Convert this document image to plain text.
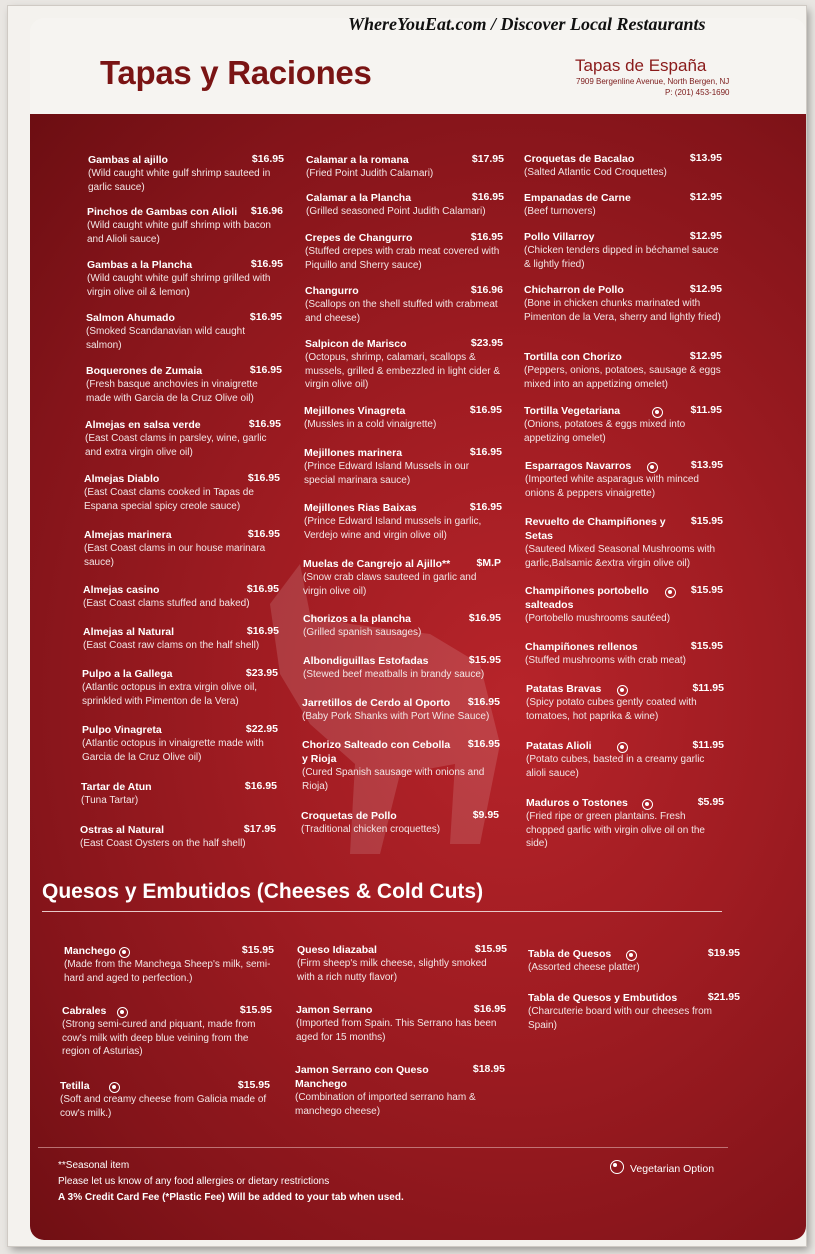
Tapas y Raciones	Tapas de España
7909 Bergenline Avenue, North Bergen, NJ
P: (201) 453-1690
Gambas al ajillo	$16.95
(Wild caught white gulf shrimp sauteed in garlic sauce)
Pinchos de Gambas con Alioli	$16.96
(Wild caught white gulf shrimp with bacon and Alioli sauce)
Gambas a la Plancha	$16.95
(Wild caught white gulf shrimp grilled with virgin olive oil & lemon)
Salmon Ahumado	$16.95
(Smoked Scandanavian wild caught salmon)
Boquerones de Zumaia	$16.95
(Fresh basque anchovies in vinaigrette made with Garcia de la Cruz Olive oil)
Almejas en salsa verde	$16.95
(East Coast clams in parsley, wine, garlic and extra virgin olive oil)
Almejas Diablo	$16.95
(East Coast clams cooked in Tapas de Espana special spicy creole sauce)
Almejas marinera	$16.95
(East Coast clams in our house marinara sauce)
Almejas casino	$16.95
(East Coast clams stuffed and baked)
Almejas al Natural	$16.95
(East Coast raw clams on the half shell)
Pulpo a la Gallega	$23.95
(Atlantic octopus in extra virgin olive oil, sprinkled with Pimenton de la Vera)
Pulpo Vinagreta	$22.95
(Atlantic octopus in vinaigrette made with Garcia de la Cruz Olive oil)
Tartar de Atun	$16.95
(Tuna Tartar)
Ostras al Natural	$17.95
(East Coast Oysters on the half shell)
Calamar a la romana	$17.95
(Fried Point Judith Calamari)
Calamar a la Plancha	$16.95
(Grilled seasoned Point Judith Calamari)
Crepes de Changurro	$16.95
(Stuffed crepes with crab meat covered with Piquillo and Sherry sauce)
Changurro	$16.96
(Scallops on the shell stuffed with crabmeat and cheese)
Salpicon de Marisco	$23.95
(Octopus, shrimp, calamari, scallops & mussels, grilled & embezzled in light cider & virgin olive oil)
Mejillones Vinagreta	$16.95
(Mussles in a cold vinaigrette)
Mejillones marinera	$16.95
(Prince Edward Island Mussels in our special marinara sauce)
Mejillones Rias Baixas	$16.95
(Prince Edward Island mussels in garlic, Verdejo wine and virgin olive oil)
Muelas de Cangrejo al Ajillo**	$M.P
(Snow crab claws sauteed in garlic and virgin olive oil)
Chorizos a la plancha	$16.95
(Grilled spanish sausages)
Albondiguillas Estofadas	$15.95
(Stewed beef meatballs in brandy sauce)
Jarretillos de Cerdo al Oporto	$16.95
(Baby Pork Shanks with Port Wine Sauce)
Chorizo Salteado con Cebolla y Rioja
$16.95
(Cured Spanish sausage with onions and Rioja)
Croquetas de Pollo	$9.95
(Traditional chicken croquettes)
Croquetas de Bacalao	$13.95
(Salted Atlantic Cod Croquettes)
Empanadas de Carne	$12.95
(Beef turnovers)
Pollo Villarroy	$12.95
(Chicken tenders dipped in béchamel sauce & lightly fried)
Chicharron de Pollo	$12.95
(Bone in chicken chunks marinated with Pimenton de la Vera, sherry and lightly fried)
Tortilla con Chorizo	$12.95
(Peppers, onions, potatoes, sausage & eggs mixed into an appetizing omelet)
Tortilla Vegetariana	$11.95
(Onions, potatoes & eggs mixed into appetizing omelet)
Esparragos Navarros	$13.95
(Imported white asparagus with minced onions & peppers vinaigrette)
Revuelto de Champiñones y Setas
$15.95
(Sauteed Mixed Seasonal Mushrooms with garlic,Balsamic &extra virgin olive oil)
Champiñones portobello salteados
$15.95
(Portobello mushrooms sautéed)
Champiñones rellenos	$15.95
(Stuffed mushrooms with crab meat)
Patatas Bravas	$11.95
(Spicy potato cubes gently coated with tomatoes, hot paprika & wine)
Patatas Alioli	$11.95
(Potato cubes, basted in a creamy garlic alioli sauce)
Maduros o Tostones	$5.95
(Fried ripe or green plantains. Fresh chopped garlic with virgin olive oil on the side)
Manchego	$15.95
(Made from the Manchega Sheep's milk, semi-hard and aged to perfection.)
Cabrales	$15.95
(Strong semi-cured and piquant, made from cow's milk with deep blue veining from the region of Asturias)
Tetilla	$15.95
(Soft and creamy cheese from Galicia made of cow's milk.)
Queso Idiazabal	$15.95
(Firm sheep's milk cheese, slightly smoked with a rich nutty flavor)
Jamon Serrano	$16.95
(Imported from Spain. This Serrano has been aged for 15 months)
Jamon Serrano con Queso Manchego
$18.95
(Combination of imported serrano ham & manchego cheese)
Tabla de Quesos	$19.95
(Assorted cheese platter)
Tabla de Quesos y Embutidos	$21.95
(Charcuterie board with our cheeses from Spain)
WhereYouEat.com / Discover Local Restaurants
Quesos y Embutidos (Cheeses & Cold Cuts)
**Seasonal item
Please let us know of any food allergies or dietary restrictions
A 3% Credit Card Fee (*Plastic Fee) Will be added to your tab when used.
Vegetarian Option
